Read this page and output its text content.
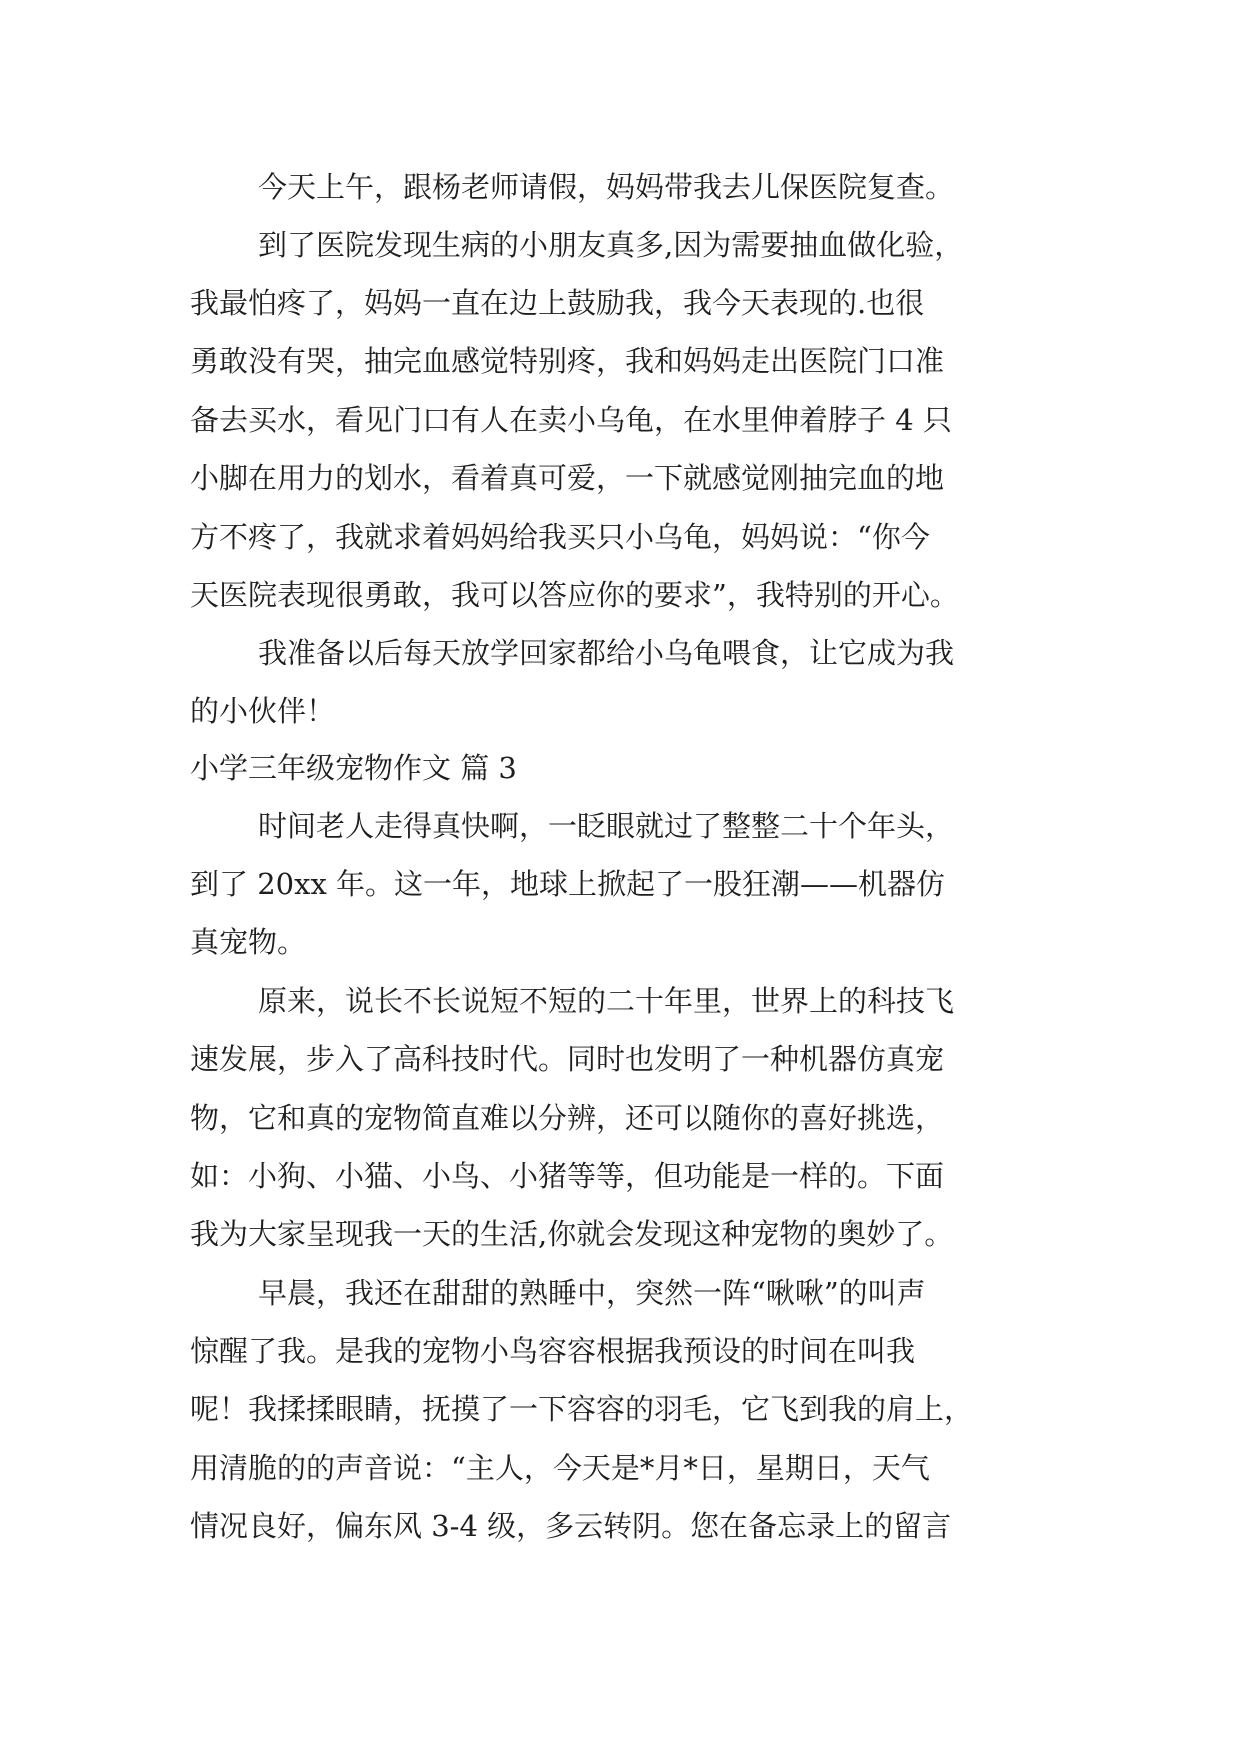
今天上午，跟杨老师请假，妈妈带我去儿保医院复查。
到了医院发现生病的小朋友真多,因为需要抽血做化验，
我最怕疼了，妈妈一直在边上鼓励我，我今天表现的.也很
勇敢没有哭，抽完血感觉特别疼，我和妈妈走出医院门口准
备去买水，看见门口有人在卖小乌龟，在水里伸着脖子 4 只
小脚在用力的划水，看着真可爱，一下就感觉刚抽完血的地
方不疼了，我就求着妈妈给我买只小乌龟，妈妈说：“你今
天医院表现很勇敢，我可以答应你的要求”，我特别的开心。
我准备以后每天放学回家都给小乌龟喂食，让它成为我
的小伙伴！
小学三年级宠物作文 篇 3
时间老人走得真快啊，一眨眼就过了整整二十个年头，
到了 20xx 年。这一年，地球上掀起了一股狂潮——机器仿
真宠物。
原来，说长不长说短不短的二十年里，世界上的科技飞
速发展，步入了高科技时代。同时也发明了一种机器仿真宠
物，它和真的宠物简直难以分辨，还可以随你的喜好挑选，
如：小狗、小猫、小鸟、小猪等等，但功能是一样的。下面
我为大家呈现我一天的生活,你就会发现这种宠物的奥妙了。
早晨，我还在甜甜的熟睡中，突然一阵“啾啾”的叫声
惊醒了我。是我的宠物小鸟容容根据我预设的时间在叫我
呢！我揉揉眼睛，抚摸了一下容容的羽毛，它飞到我的肩上，
用清脆的的声音说：“主人，今天是*月*日，星期日，天气
情况良好，偏东风 3-4 级，多云转阴。您在备忘录上的留言
